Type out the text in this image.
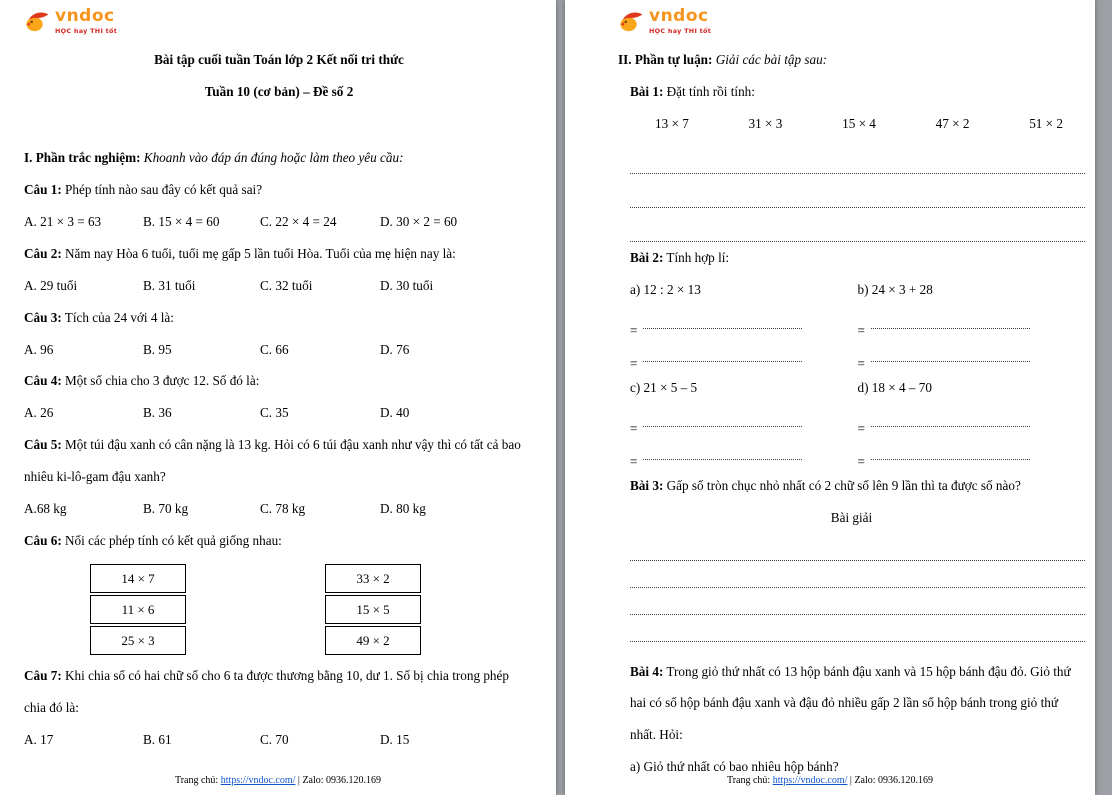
vndoc
HỌC hay THI tốt
Bài tập cuối tuần Toán lớp 2 Kết nối tri thức
Tuần 10 (cơ bản) – Đề số 2
I. Phần trắc nghiệm: Khoanh vào đáp án đúng hoặc làm theo yêu cầu:
Câu 1: Phép tính nào sau đây có kết quả sai?
A. 21 × 3 = 63	B. 15 × 4 = 60	C. 22 × 4 = 24	D. 30 × 2 = 60
Câu 2: Năm nay Hòa 6 tuổi, tuổi mẹ gấp 5 lần tuổi Hòa. Tuổi của mẹ hiện nay là:
A. 29 tuổi	B. 31 tuổi	C. 32 tuổi	D. 30 tuổi
Câu 3: Tích của 24 với 4 là:
A. 96	B. 95	C. 66	D. 76
Câu 4: Một số chia cho 3 được 12. Số đó là:
A. 26	B. 36	C. 35	D. 40
Câu 5: Một túi đậu xanh có cân nặng là 13 kg. Hỏi có 6 túi đậu xanh như vậy thì có tất cả bao nhiêu ki-lô-gam đậu xanh?
A.68 kg	B. 70 kg	C. 78 kg	D. 80 kg
Câu 6: Nối các phép tính có kết quả giống nhau:
14 × 7
11 × 6
25 × 3
33 × 2
15 × 5
49 × 2
Câu 7: Khi chia số có hai chữ số cho 6 ta được thương bằng 10, dư 1. Số bị chia trong phép chia đó là:
A. 17	B. 61	C. 70	D. 15
Trang chủ: https://vndoc.com/ | Zalo: 0936.120.169
vndoc
HỌC hay THI tốt
II. Phần tự luận: Giải các bài tập sau:
Bài 1: Đặt tính rồi tính:
13 × 7	31 × 3	15 × 4	47 × 2	51 × 2
Bài 2: Tính hợp lí:
a) 12 : 2 × 13
=
=
b) 24 × 3 + 28
=
=
c) 21 × 5 – 5
=
=
d) 18 × 4 – 70
=
=
Bài 3: Gấp số tròn chục nhỏ nhất có 2 chữ số lên 9 lần thì ta được số nào?
Bài giải
Bài 4: Trong giỏ thứ nhất có 13 hộp bánh đậu xanh và 15 hộp bánh đậu đỏ. Giỏ thứ hai có số hộp bánh đậu xanh và đậu đỏ nhiều gấp 2 lần số hộp bánh trong giỏ thứ nhất. Hỏi:
a) Giỏ thứ nhất có bao nhiêu hộp bánh?
Trang chủ: https://vndoc.com/ | Zalo: 0936.120.169
